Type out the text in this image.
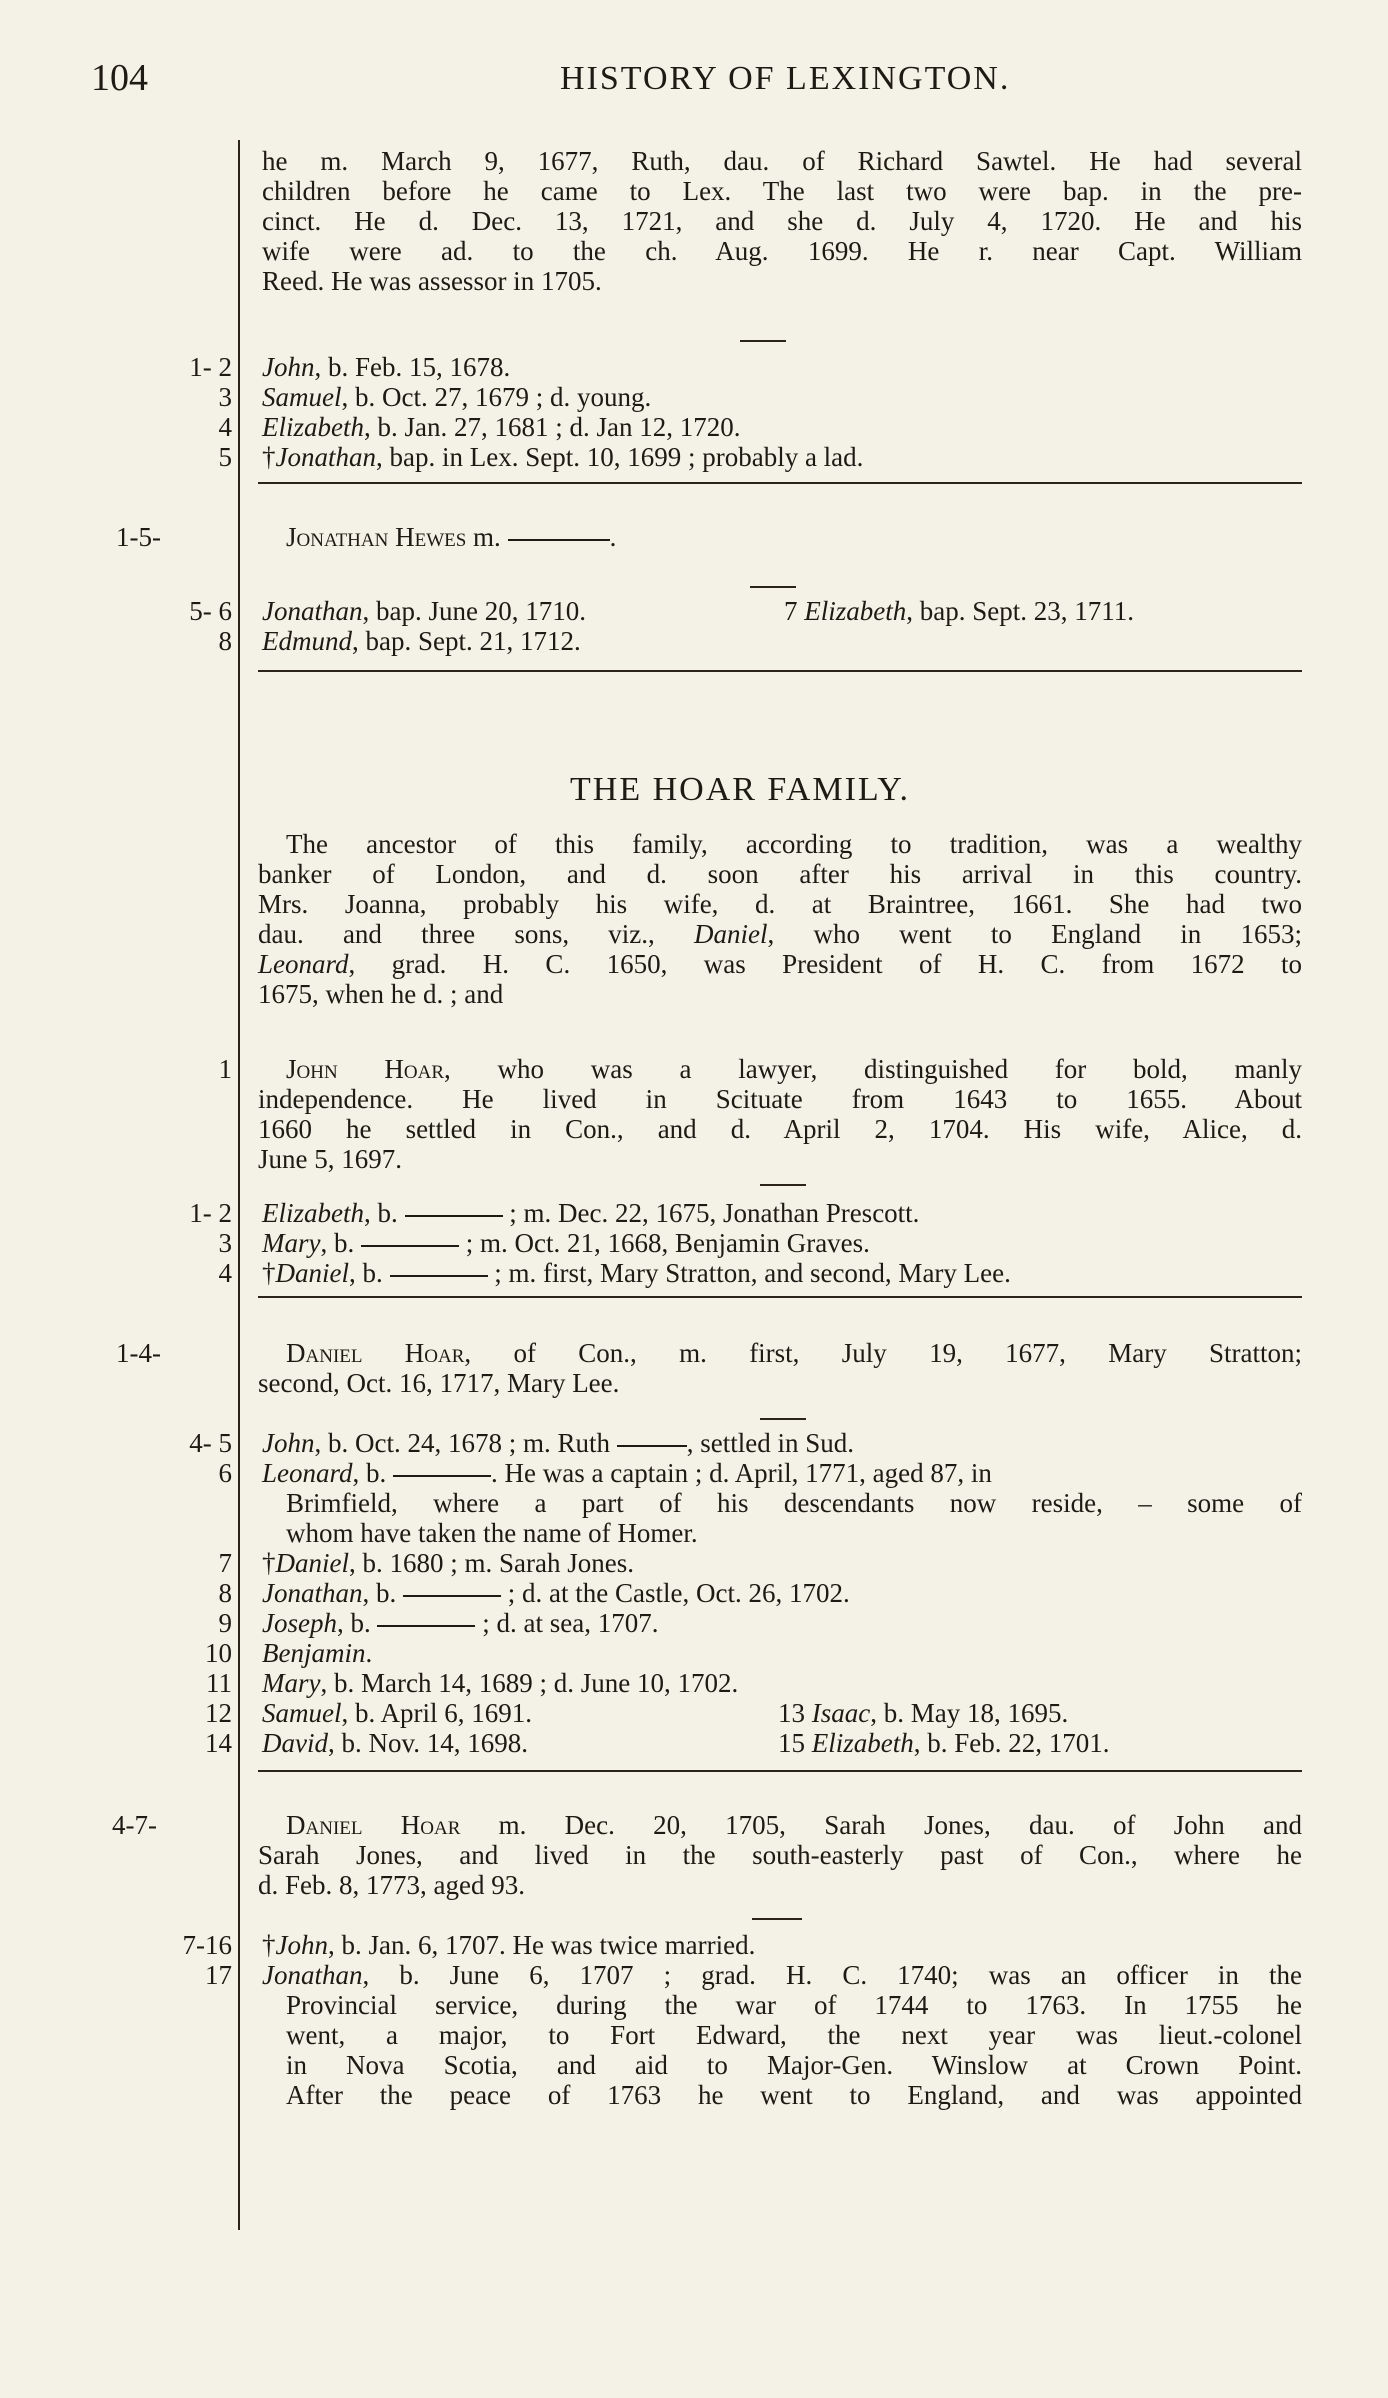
104	HISTORY OF LEXINGTON.
he m. March 9, 1677, Ruth, dau. of Richard Sawtel. He had several
children before he came to Lex. The last two were bap. in the pre-
cinct. He d. Dec. 13, 1721, and she d. July 4, 1720. He and his
wife were ad. to the ch. Aug. 1699. He r. near Capt. William
Reed. He was assessor in 1705.
1- 2 John, b. Feb. 15, 1678.
3 Samuel, b. Oct. 27, 1679 ; d. young.
4 Elizabeth, b. Jan. 27, 1681 ; d. Jan 12, 1720.
5 †Jonathan, bap. in Lex. Sept. 10, 1699 ; probably a lad.
1-5-	Jonathan Hewes m.	.
5- 6 Jonathan, bap. June 20, 1710.	7 Elizabeth, bap. Sept. 23, 1711.
8 Edmund, bap. Sept. 21, 1712.
THE HOAR FAMILY.
The ancestor of this family, according to tradition, was a wealthy
banker of London, and d. soon after his arrival in this country.
Mrs. Joanna, probably his wife, d. at Braintree, 1661. She had two
dau. and three sons, viz., Daniel, who went to England in 1653;
Leonard, grad. H. C. 1650, was President of H. C. from 1672 to
1675, when he d. ; and
1 John Hoar, who was a lawyer, distinguished for bold, manly
independence. He lived in Scituate from 1643 to 1655. About
1660 he settled in Con., and d. April 2, 1704. His wife, Alice, d.
June 5, 1697.
1- 2 Elizabeth, b.	; m. Dec. 22, 1675, Jonathan Prescott.
3 Mary, b.	; m. Oct. 21, 1668, Benjamin Graves.
4 †Daniel, b.	; m. first, Mary Stratton, and second, Mary Lee.
1-4-	Daniel Hoar, of Con., m. first, July 19, 1677, Mary Stratton;
second, Oct. 16, 1717, Mary Lee.
4- 5 John, b. Oct. 24, 1678 ; m. Ruth	, settled in Sud.
6 Leonard, b.	. He was a captain ; d. April, 1771, aged 87, in
Brimfield, where a part of his descendants now reside, – some of
whom have taken the name of Homer.
7 †Daniel, b. 1680 ; m. Sarah Jones.
8 Jonathan, b.	; d. at the Castle, Oct. 26, 1702.
9 Joseph, b.	; d. at sea, 1707.
10 Benjamin.
11 Mary, b. March 14, 1689 ; d. June 10, 1702.
12 Samuel, b. April 6, 1691.	13 Isaac, b. May 18, 1695.
14 David, b. Nov. 14, 1698.	15 Elizabeth, b. Feb. 22, 1701.
4-7-	Daniel Hoar m. Dec. 20, 1705, Sarah Jones, dau. of John and
Sarah Jones, and lived in the south-easterly past of Con., where he
d. Feb. 8, 1773, aged 93.
7-16 †John, b. Jan. 6, 1707. He was twice married.
17 Jonathan, b. June 6, 1707 ; grad. H. C. 1740; was an officer in the
Provincial service, during the war of 1744 to 1763. In 1755 he
went, a major, to Fort Edward, the next year was lieut.-colonel
in Nova Scotia, and aid to Major-Gen. Winslow at Crown Point.
After the peace of 1763 he went to England, and was appointed
